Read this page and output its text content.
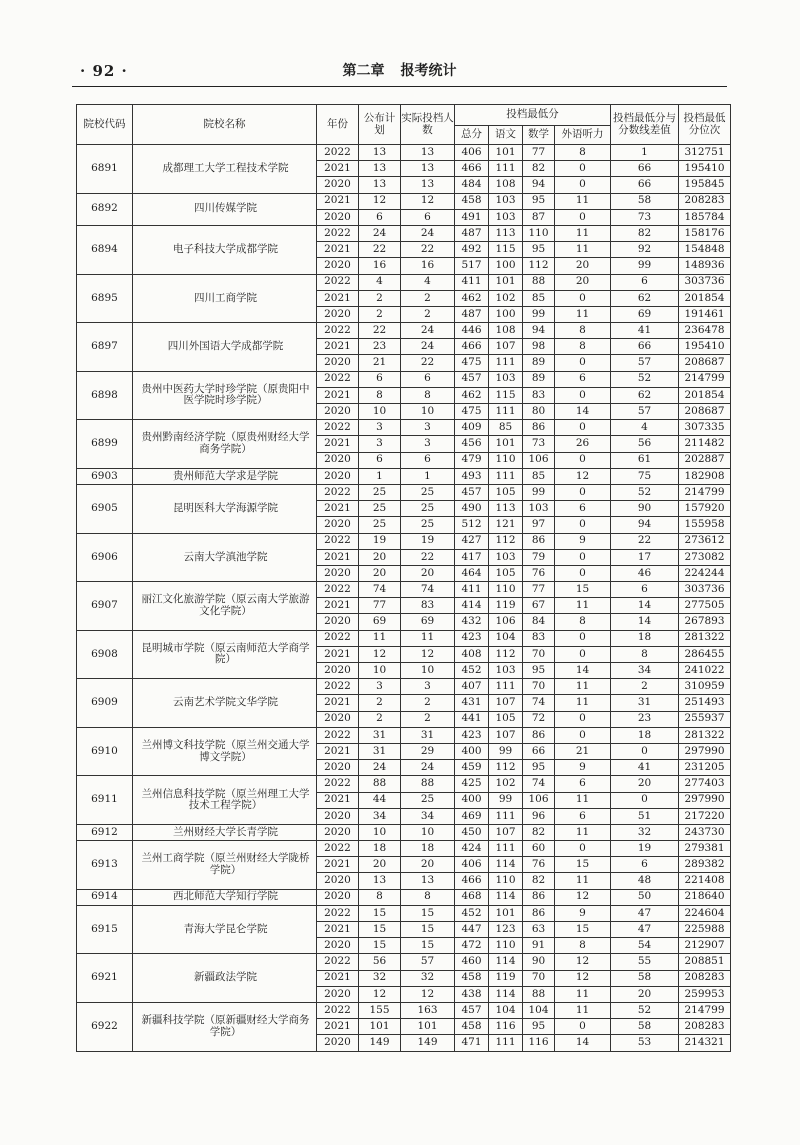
· 92 ·	第二章 报考统计
院校代码	院校名称	年份	公布计划	实际投档人数	投档最低分				投档最低分与分数线差值	投档最低分位次
					总分	语文	数学	外语听力		
6891	成都理工大学工程技术学院	2022	13	13	406	101	77	8	1	312751
		2021	13	13	466	111	82	0	66	195410
		2020	13	13	484	108	94	0	66	195845
6892	四川传媒学院	2021	12	12	458	103	95	11	58	208283
		2020	6	6	491	103	87	0	73	185784
6894	电子科技大学成都学院	2022	24	24	487	113	110	11	82	158176
		2021	22	22	492	115	95	11	92	154848
		2020	16	16	517	100	112	20	99	148936
6895	四川工商学院	2022	4	4	411	101	88	20	6	303736
		2021	2	2	462	102	85	0	62	201854
		2020	2	2	487	100	99	11	69	191461
6897	四川外国语大学成都学院	2022	22	24	446	108	94	8	41	236478
		2021	23	24	466	107	98	8	66	195410
		2020	21	22	475	111	89	0	57	208687
6898	贵州中医药大学时珍学院（原贵阳中医学院时珍学院）	2022	6	6	457	103	89	6	52	214799
		2021	8	8	462	115	83	0	62	201854
		2020	10	10	475	111	80	14	57	208687
6899	贵州黔南经济学院（原贵州财经大学商务学院）	2022	3	3	409	85	86	0	4	307335
		2021	3	3	456	101	73	26	56	211482
		2020	6	6	479	110	106	0	61	202887
6903	贵州师范大学求是学院	2020	1	1	493	111	85	12	75	182908
6905	昆明医科大学海源学院	2022	25	25	457	105	99	0	52	214799
		2021	25	25	490	113	103	6	90	157920
		2020	25	25	512	121	97	0	94	155958
6906	云南大学滇池学院	2022	19	19	427	112	86	9	22	273612
		2021	20	22	417	103	79	0	17	273082
		2020	20	20	464	105	76	0	46	224244
6907	丽江文化旅游学院（原云南大学旅游文化学院）	2022	74	74	411	110	77	15	6	303736
		2021	77	83	414	119	67	11	14	277505
		2020	69	69	432	106	84	8	14	267893
6908	昆明城市学院（原云南师范大学商学院）	2022	11	11	423	104	83	0	18	281322
		2021	12	12	408	112	70	0	8	286455
		2020	10	10	452	103	95	14	34	241022
6909	云南艺术学院文华学院	2022	3	3	407	111	70	11	2	310959
		2021	2	2	431	107	74	11	31	251493
		2020	2	2	441	105	72	0	23	255937
6910	兰州博文科技学院（原兰州交通大学博文学院）	2022	31	31	423	107	86	0	18	281322
		2021	31	29	400	99	66	21	0	297990
		2020	24	24	459	112	95	9	41	231205
6911	兰州信息科技学院（原兰州理工大学技术工程学院）	2022	88	88	425	102	74	6	20	277403
		2021	44	25	400	99	106	11	0	297990
		2020	34	34	469	111	96	6	51	217220
6912	兰州财经大学长青学院	2020	10	10	450	107	82	11	32	243730
6913	兰州工商学院（原兰州财经大学陇桥学院）	2022	18	18	424	111	60	0	19	279381
		2021	20	20	406	114	76	15	6	289382
		2020	13	13	466	110	82	11	48	221408
6914	西北师范大学知行学院	2020	8	8	468	114	86	12	50	218640
6915	青海大学昆仑学院	2022	15	15	452	101	86	9	47	224604
		2021	15	15	447	123	63	15	47	225988
		2020	15	15	472	110	91	8	54	212907
6921	新疆政法学院	2022	56	57	460	114	90	12	55	208851
		2021	32	32	458	119	70	12	58	208283
		2020	12	12	438	114	88	11	20	259953
6922	新疆科技学院（原新疆财经大学商务学院）	2022	155	163	457	104	104	11	52	214799
		2021	101	101	458	116	95	0	58	208283
		2020	149	149	471	111	116	14	53	214321
